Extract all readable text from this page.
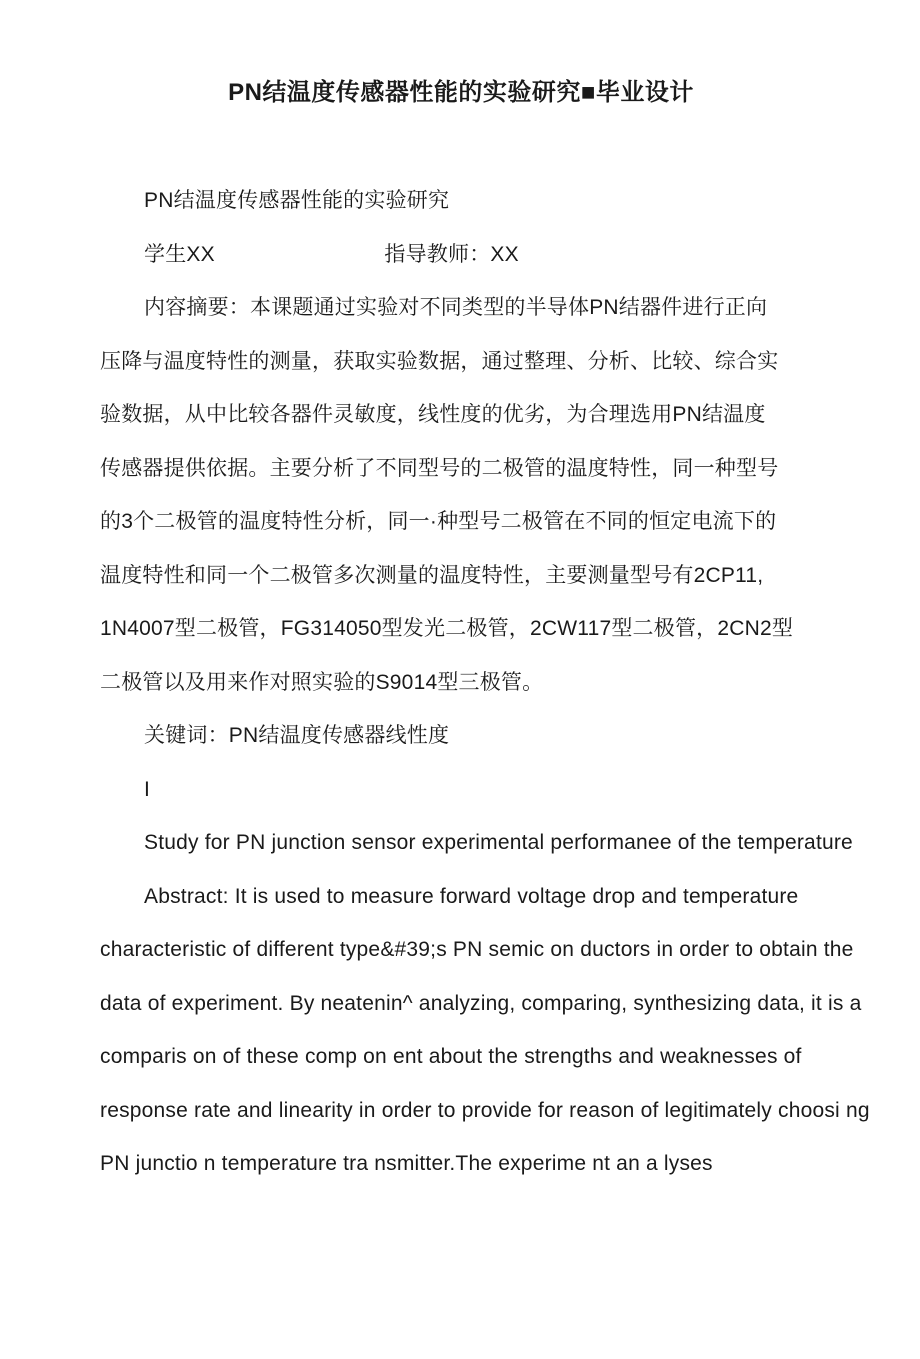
PN结温度传感器性能的实验研究■毕业设计
PN结温度传感器性能的实验研究
学生XX　　　　　　　　指导教师：XX
内容摘要：本课题通过实验对不同类型的半导体PN结器件进行正向
压降与温度特性的测量，获取实验数据，通过整理、分析、比较、综合实
验数据，从中比较各器件灵敏度，线性度的优劣，为合理选用PN结温度
传感器提供依据。主要分析了不同型号的二极管的温度特性，同一种型号
的3个二极管的温度特性分析，同一·种型号二极管在不同的恒定电流下的
温度特性和同一个二极管多次测量的温度特性，主要测量型号有2CP11,
1N4007型二极管，FG314050型发光二极管，2CW117型二极管，2CN2型
二极管以及用来作对照实验的S9014型三极管。
关键词：PN结温度传感器线性度
I
Study for PN junction sensor experimental performanee of the temperature
Abstract: It is used to measure forward voltage drop and temperature
characteristic of different type&#39;s PN semic on ductors in order to obtain the
data of experiment. By neatenin^ analyzing, comparing, synthesizing data, it is a
comparis on of these comp on ent about the strengths and weaknesses of
response rate and linearity in order to provide for reason of legitimately choosi ng
PN junctio n temperature tra nsmitter.The experime nt an a lyses
